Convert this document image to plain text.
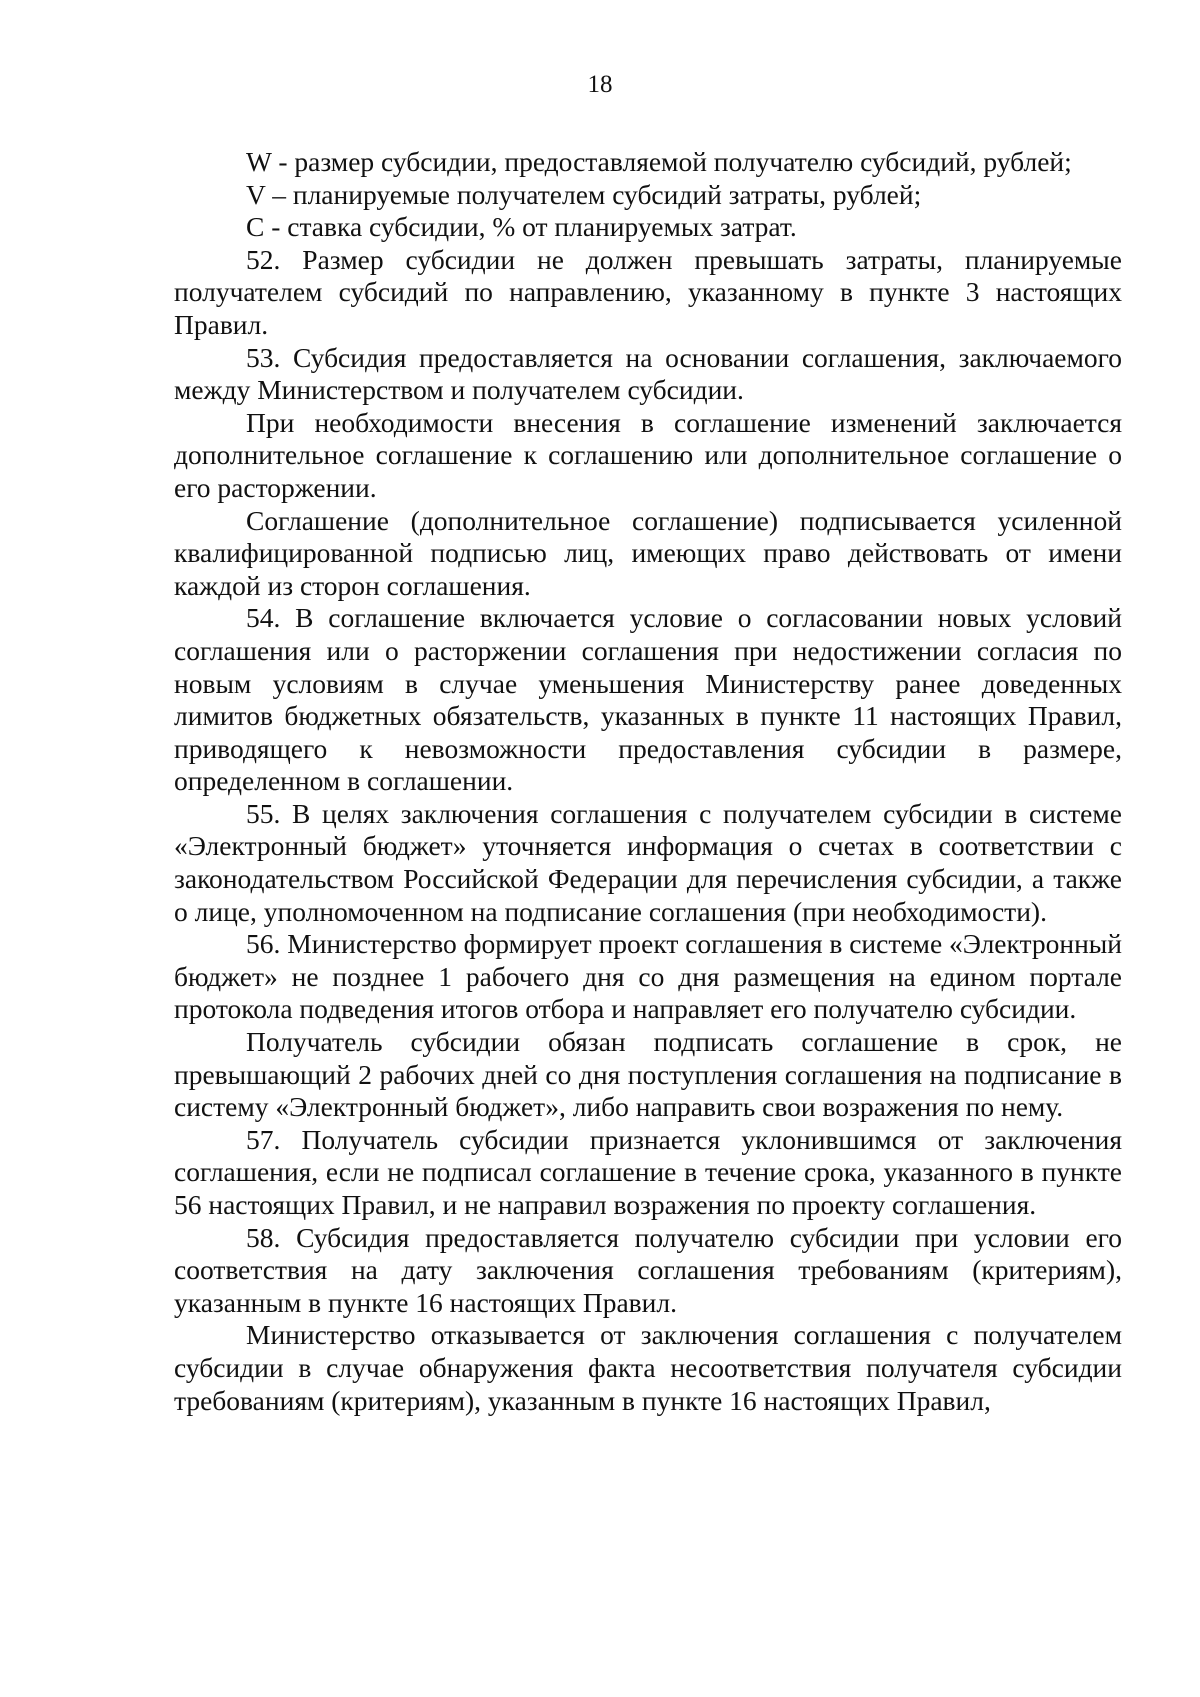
18

W - размер субсидии, предоставляемой получателю субсидий, рублей;

V – планируемые получателем субсидий затраты, рублей;

C - ставка субсидии, % от планируемых затрат.

52. Размер субсидии не должен превышать затраты, планируемые получателем субсидий по направлению, указанному в пункте 3 настоящих Правил.

53. Субсидия предоставляется на основании соглашения, заключаемого между Министерством и получателем субсидии.

При необходимости внесения в соглашение изменений заключается дополнительное соглашение к соглашению или дополнительное соглашение о его расторжении.

Соглашение (дополнительное соглашение) подписывается усиленной квалифицированной подписью лиц, имеющих право действовать от имени каждой из сторон соглашения.

54. В соглашение включается условие о согласовании новых условий соглашения или о расторжении соглашения при недостижении согласия по новым условиям в случае уменьшения Министерству ранее доведенных лимитов бюджетных обязательств, указанных в пункте 11 настоящих Правил, приводящего к невозможности предоставления субсидии в размере, определенном в соглашении.

55. В целях заключения соглашения с получателем субсидии в системе «Электронный бюджет» уточняется информация о счетах в соответствии с законодательством Российской Федерации для перечисления субсидии, а также о лице, уполномоченном на подписание соглашения (при необходимости).

56. Министерство формирует проект соглашения в системе «Электронный бюджет» не позднее 1 рабочего дня со дня размещения на едином портале протокола подведения итогов отбора и направляет его получателю субсидии.

Получатель субсидии обязан подписать соглашение в срок, не превышающий 2 рабочих дней со дня поступления соглашения на подписание в систему «Электронный бюджет», либо направить свои возражения по нему.

57. Получатель субсидии признается уклонившимся от заключения соглашения, если не подписал соглашение в течение срока, указанного в пункте 56 настоящих Правил, и не направил возражения по проекту соглашения.

58. Субсидия предоставляется получателю субсидии при условии его соответствия на дату заключения соглашения требованиям (критериям), указанным в пункте 16 настоящих Правил.

Министерство отказывается от заключения соглашения с получателем субсидии в случае обнаружения факта несоответствия получателя субсидии требованиям (критериям), указанным в пункте 16 настоящих Правил,
